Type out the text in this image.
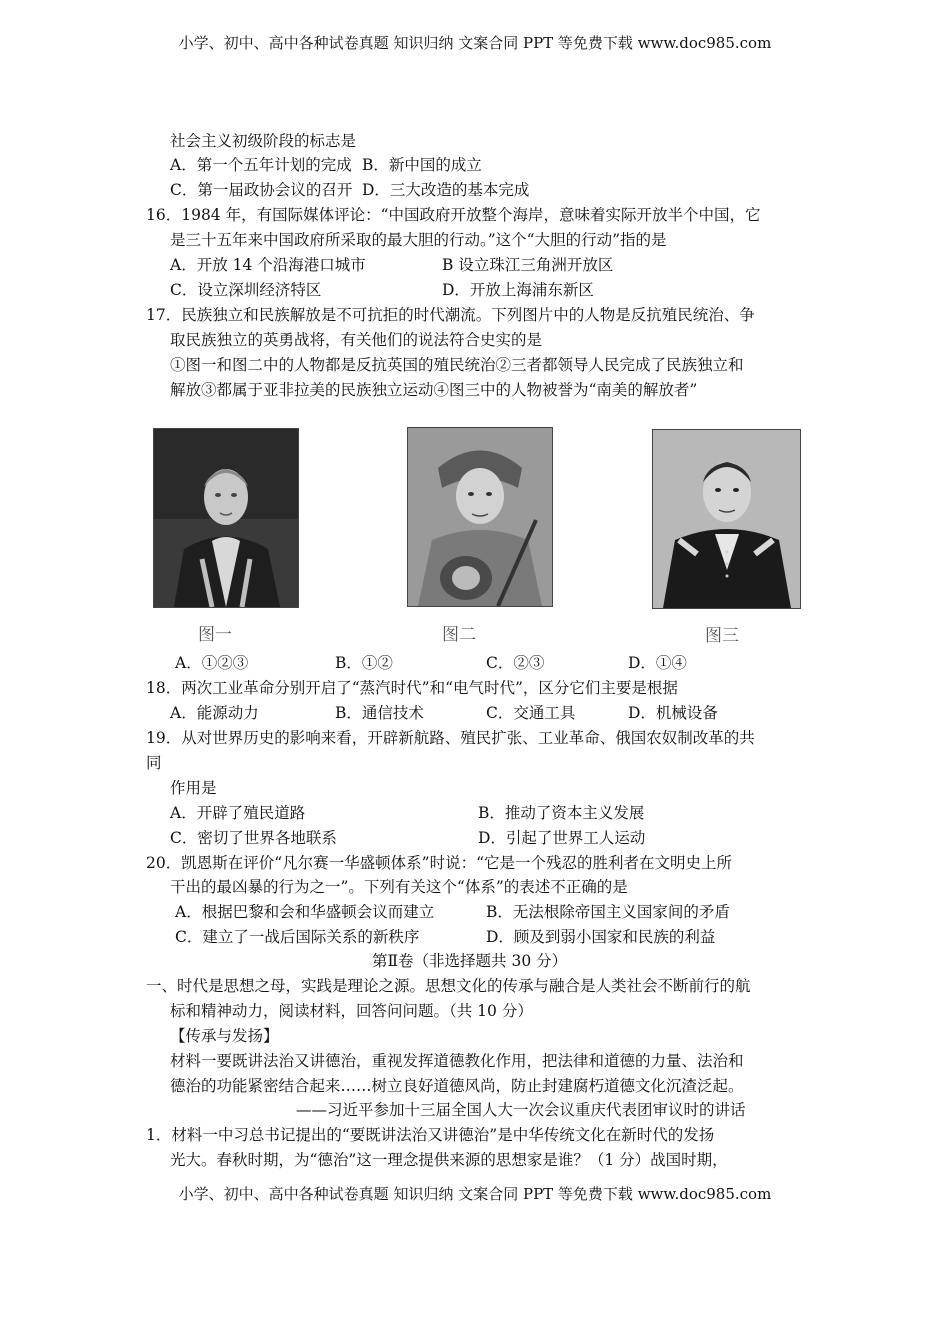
小学、初中、高中各种试卷真题 知识归纳 文案合同 PPT 等免费下载 www.doc985.com
社会主义初级阶段的标志是
A．第一个五年计划的完成 B．新中国的成立
C．第一届政协会议的召开 D．三大改造的基本完成
16．1984 年，有国际媒体评论：“中国政府开放整个海岸，意味着实际开放半个中国，它
是三十五年来中国政府所采取的最大胆的行动。”这个“大胆的行动”指的是
A．开放 14 个沿海港口城市	B 设立珠江三角洲开放区
C．设立深圳经济特区	D．开放上海浦东新区
17．民族独立和民族解放是不可抗拒的时代潮流。下列图片中的人物是反抗殖民统治、争
取民族独立的英勇战将，有关他们的说法符合史实的是
①图一和图二中的人物都是反抗英国的殖民统治②三者都领导人民完成了民族独立和
解放③都属于亚非拉美的民族独立运动④图三中的人物被誉为“南美的解放者”
图一	图二	图三
A．①②③	B．①②	C．②③	D．①④
18．两次工业革命分别开启了“蒸汽时代”和“电气时代”，区分它们主要是根据
A．能源动力	B．通信技术	C．交通工具	D．机械设备
19．从对世界历史的影响来看，开辟新航路、殖民扩张、工业革命、俄国农奴制改革的共
同
作用是
A．开辟了殖民道路	B．推动了资本主义发展
C．密切了世界各地联系	D．引起了世界工人运动
20．凯恩斯在评价“凡尔赛一华盛顿体系”时说：“它是一个残忍的胜利者在文明史上所
干出的最凶暴的行为之一”。下列有关这个“体系”的表述不正确的是
A．根据巴黎和会和华盛顿会议而建立	B．无法根除帝国主义国家间的矛盾
C．建立了一战后国际关系的新秩序	D．顾及到弱小国家和民族的利益
第Ⅱ卷（非选择题共 30 分）
一、时代是思想之母，实践是理论之源。思想文化的传承与融合是人类社会不断前行的航
标和精神动力，阅读材料，回答问问题。（共 10 分）
【传承与发扬】
材料一要既讲法治又讲德治，重视发挥道德教化作用，把法律和道德的力量、法治和
德治的功能紧密结合起来……树立良好道德风尚，防止封建腐朽道德文化沉渣泛起。
——习近平参加十三届全国人大一次会议重庆代表团审议时的讲话
1．材料一中习总书记提出的“要既讲法治又讲德治”是中华传统文化在新时代的发扬
光大。春秋时期，为“德治”这一理念提供来源的思想家是谁？（1 分）战国时期，
小学、初中、高中各种试卷真题 知识归纳 文案合同 PPT 等免费下载 www.doc985.com
